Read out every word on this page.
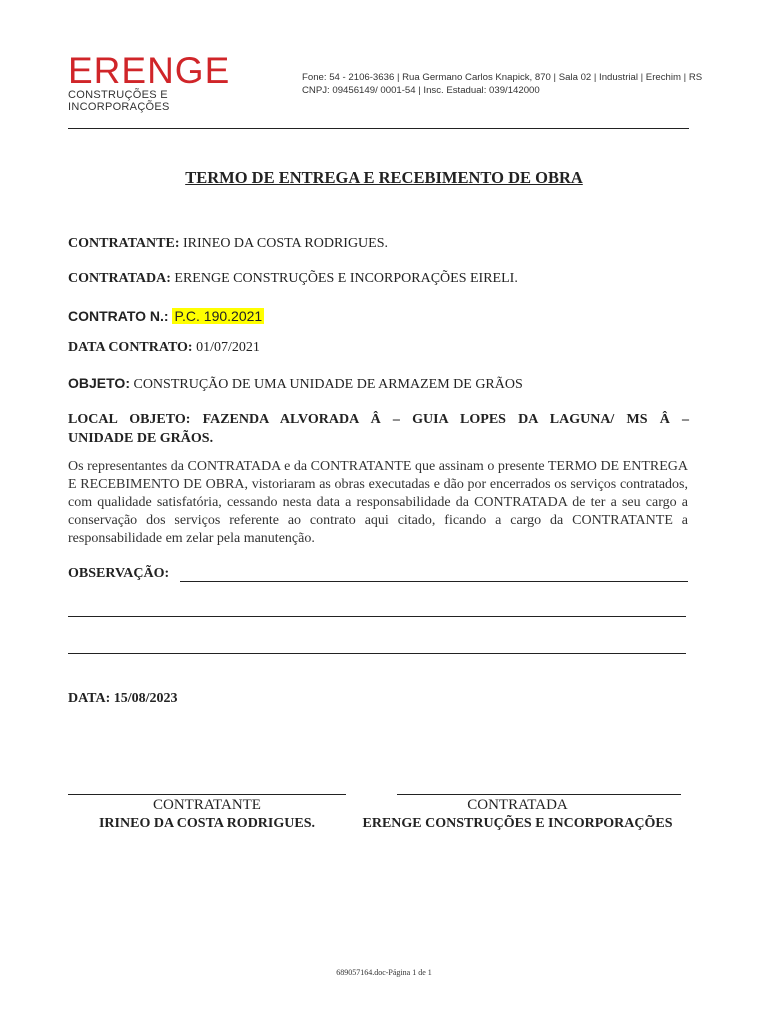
ERENGE
CONSTRUÇÕES E INCORPORAÇÕES
Fone: 54 - 2106-3636 | Rua Germano Carlos Knapick, 870 | Sala 02 | Industrial | Erechim | RS
CNPJ: 09456149/ 0001-54 | Insc. Estadual: 039/142000
TERMO DE ENTREGA E RECEBIMENTO DE OBRA
CONTRATANTE: IRINEO DA COSTA RODRIGUES.
CONTRATADA: ERENGE CONSTRUÇÕES E INCORPORAÇÕES EIRELI.
CONTRATO N.: P.C. 190.2021
DATA CONTRATO: 01/07/2021
OBJETO: CONSTRUÇÃO DE UMA UNIDADE DE ARMAZEM DE GRÃOS
LOCAL OBJETO: FAZENDA ALVORADA Â – GUIA LOPES DA LAGUNA/ MS Â –
UNIDADE DE GRÃOS.
Os representantes da CONTRATADA e da CONTRATANTE que assinam o presente TERMO DE ENTREGA E RECEBIMENTO DE OBRA, vistoriaram as obras executadas e dão por encerrados os serviços contratados, com qualidade satisfatória, cessando nesta data a responsabilidade da CONTRATADA de ter a seu cargo a conservação dos serviços referente ao contrato aqui citado, ficando a cargo da CONTRATANTE a responsabilidade em zelar pela manutenção.
OBSERVAÇÃO:
DATA: 15/08/2023
CONTRATANTE
IRINEO DA COSTA RODRIGUES.
CONTRATADA
ERENGE CONSTRUÇÕES E INCORPORAÇÕES
689057164.doc-Página 1 de 1
